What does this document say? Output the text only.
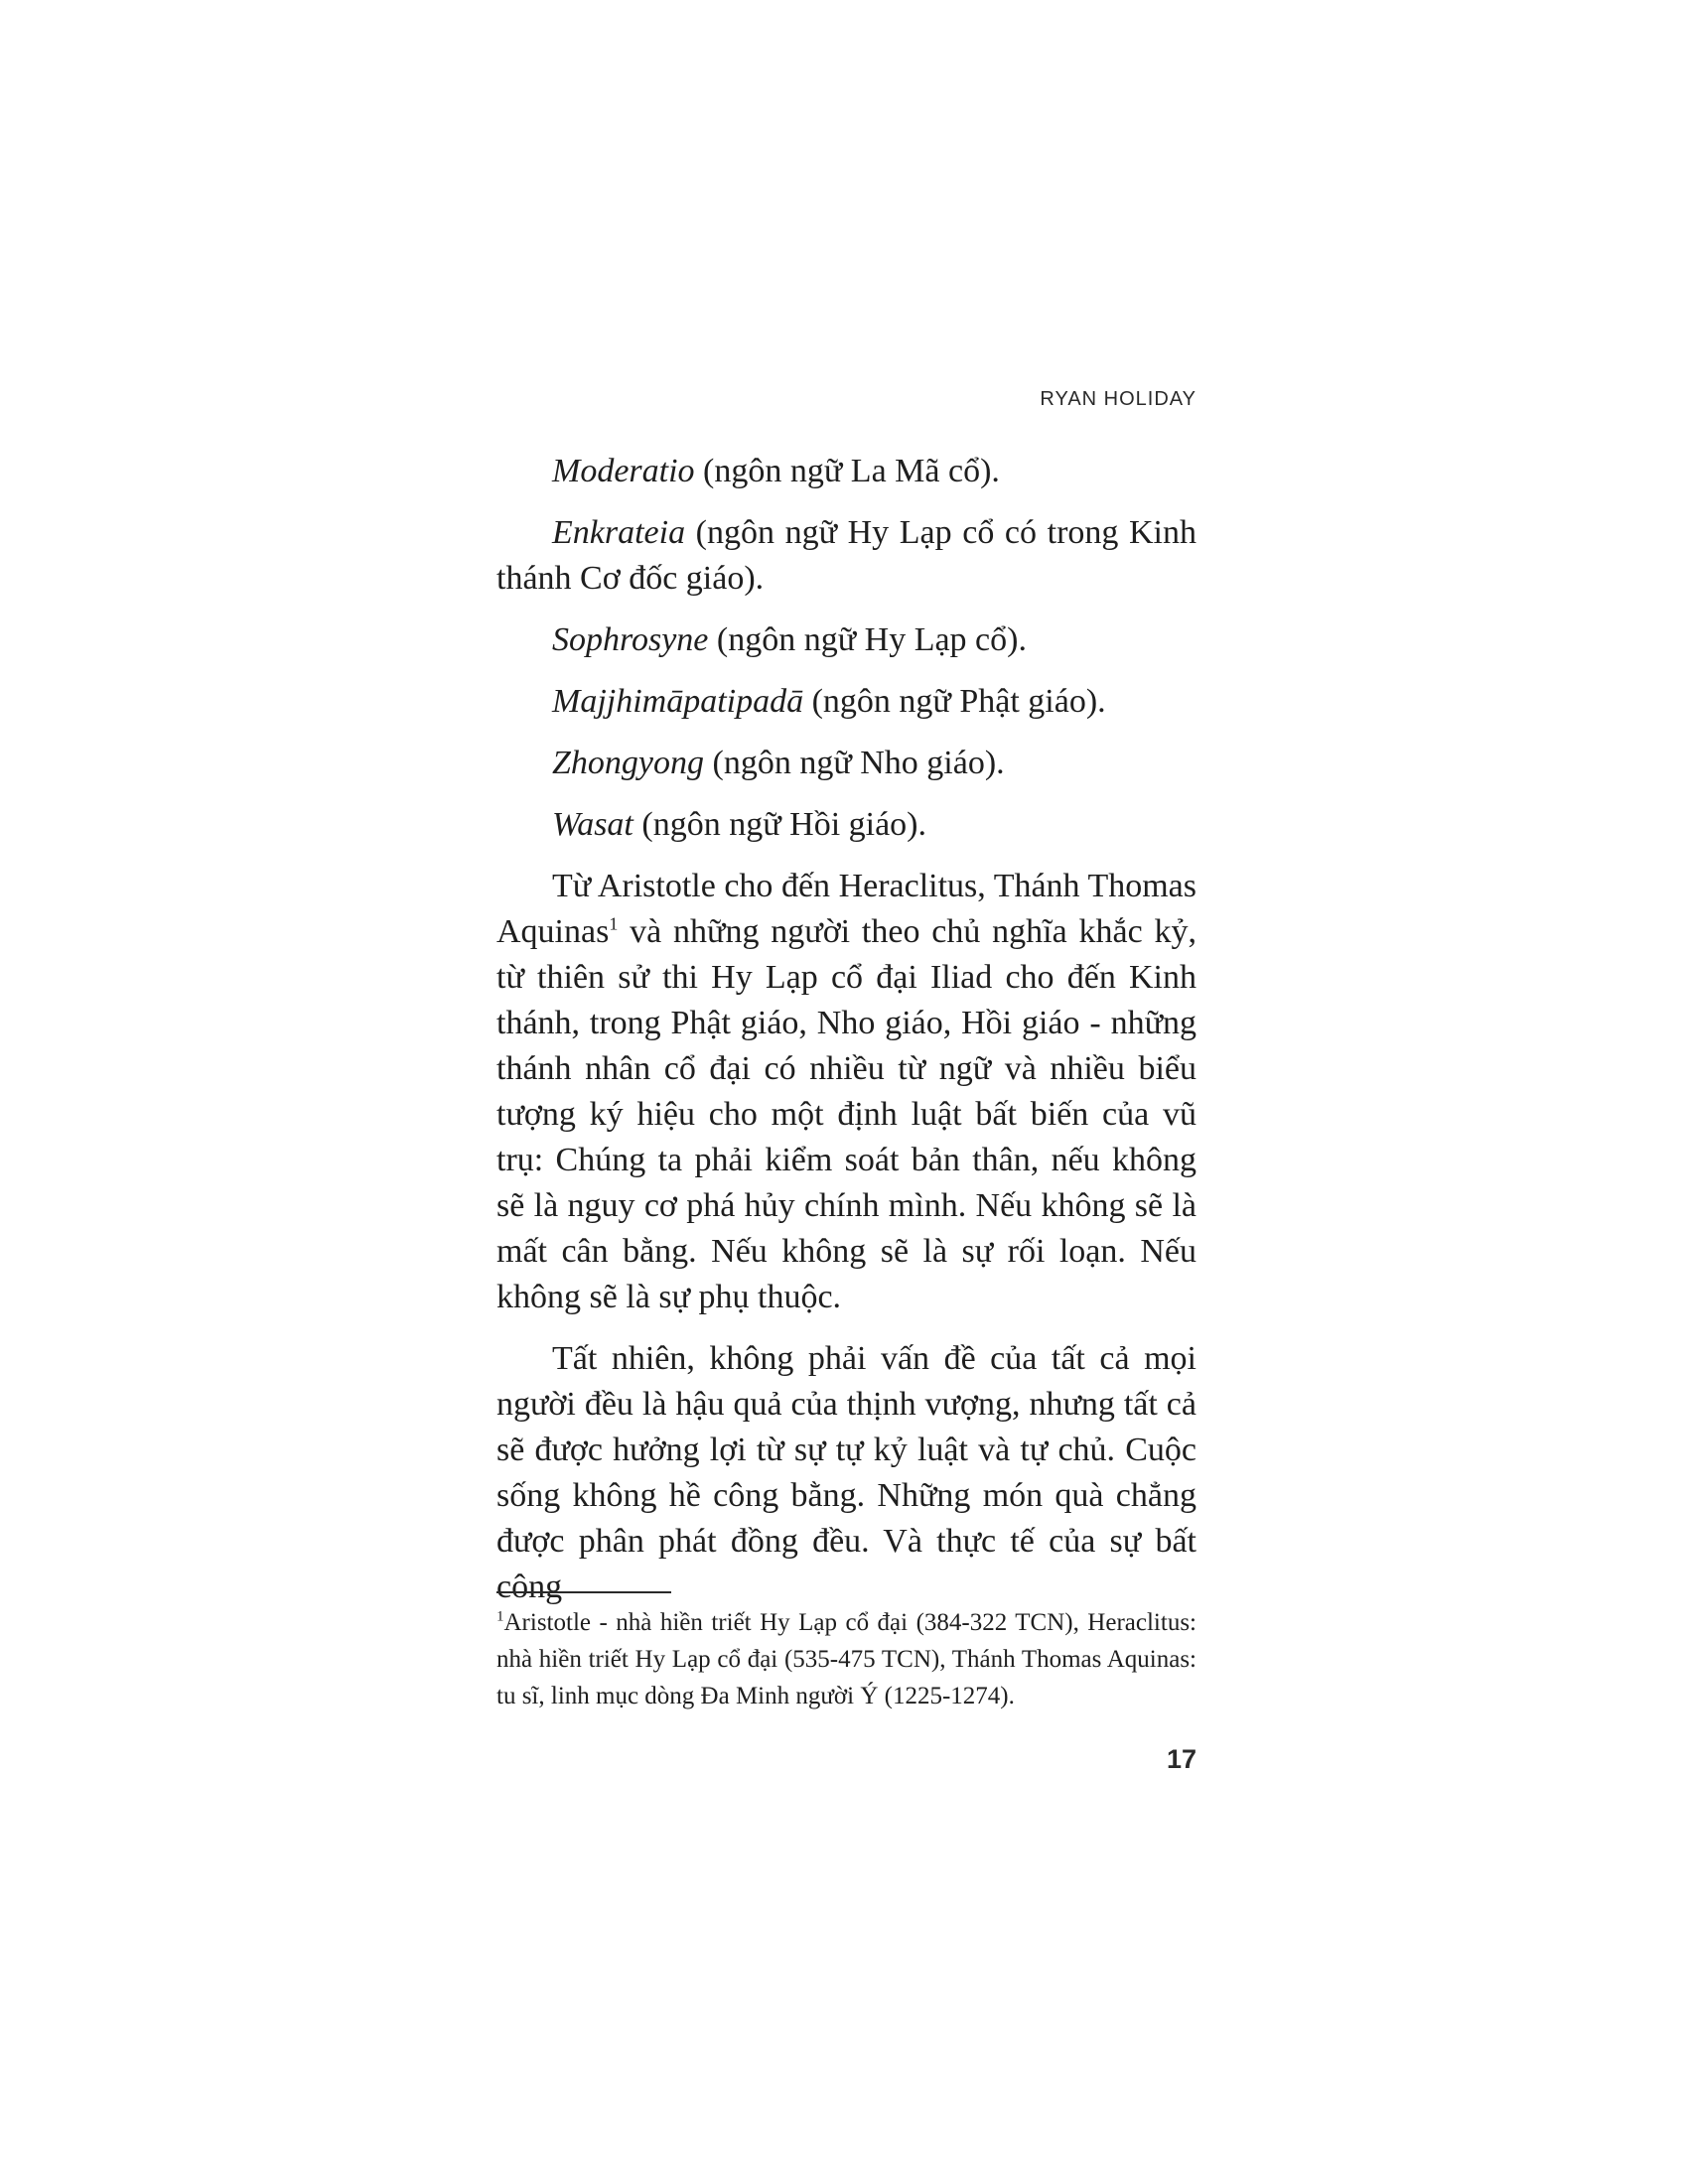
RYAN HOLIDAY

Moderatio (ngôn ngữ La Mã cổ).

Enkrateia (ngôn ngữ Hy Lạp cổ có trong Kinh thánh Cơ đốc giáo).

Sophrosyne (ngôn ngữ Hy Lạp cổ).

Majjhimāpatipadā (ngôn ngữ Phật giáo).

Zhongyong (ngôn ngữ Nho giáo).

Wasat (ngôn ngữ Hồi giáo).

Từ Aristotle cho đến Heraclitus, Thánh Thomas Aquinas$^1$ và những người theo chủ nghĩa khắc kỷ, từ thiên sử thi Hy Lạp cổ đại Iliad cho đến Kinh thánh, trong Phật giáo, Nho giáo, Hồi giáo - những thánh nhân cổ đại có nhiều từ ngữ và nhiều biểu tượng ký hiệu cho một định luật bất biến của vũ trụ: Chúng ta phải kiểm soát bản thân, nếu không sẽ là nguy cơ phá hủy chính mình. Nếu không sẽ là mất cân bằng. Nếu không sẽ là sự rối loạn. Nếu không sẽ là sự phụ thuộc.

Tất nhiên, không phải vấn đề của tất cả mọi người đều là hậu quả của thịnh vượng, nhưng tất cả sẽ được hưởng lợi từ sự tự kỷ luật và tự chủ. Cuộc sống không hề công bằng. Những món quà chẳng được phân phát đồng đều. Và thực tế của sự bất công

$^1$Aristotle - nhà hiền triết Hy Lạp cổ đại (384-322 TCN), Heraclitus: nhà hiền triết Hy Lạp cổ đại (535-475 TCN), Thánh Thomas Aquinas: tu sĩ, linh mục dòng Đa Minh người Ý (1225-1274).
17
